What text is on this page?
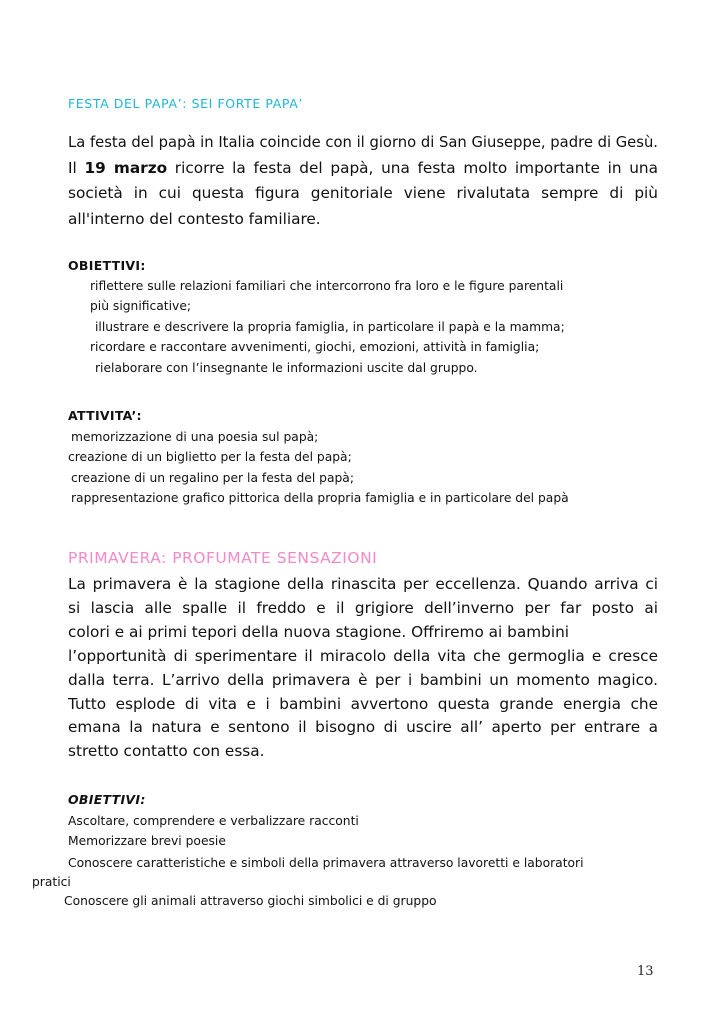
FESTA DEL PAPA’: SEI FORTE PAPA’
La festa del papà in Italia coincide con il giorno di San Giuseppe, padre di Gesù.
Il 19 marzo ricorre la festa del papà, una festa molto importante in una
società in cui questa figura genitoriale viene rivalutata sempre di più
all'interno del contesto familiare.
OBIETTIVI:
riflettere sulle relazioni familiari che intercorrono fra loro e le figure parentali
più significative;
illustrare e descrivere la propria famiglia, in particolare il papà e la mamma;
ricordare e raccontare avvenimenti, giochi, emozioni, attività in famiglia;
rielaborare con l’insegnante le informazioni uscite dal gruppo.
ATTIVITA’:
memorizzazione di una poesia sul papà;
creazione di un biglietto per la festa del papà;
creazione di un regalino per la festa del papà;
rappresentazione grafico pittorica della propria famiglia e in particolare del papà
PRIMAVERA: PROFUMATE SENSAZIONI
La primavera è la stagione della rinascita per eccellenza. Quando arriva ci
si lascia alle spalle il freddo e il grigiore dell’inverno per far posto ai
colori e ai primi tepori della nuova stagione. Offriremo ai bambini
l’opportunità di sperimentare il miracolo della vita che germoglia e cresce
dalla terra. L’arrivo della primavera è per i bambini un momento magico.
Tutto esplode di vita e i bambini avvertono questa grande energia che
emana la natura e sentono il bisogno di uscire all’ aperto per entrare a
stretto contatto con essa.
OBIETTIVI:
Ascoltare, comprendere e verbalizzare racconti
Memorizzare brevi poesie
Conoscere caratteristiche e simboli della primavera attraverso lavoretti e laboratori
pratici
Conoscere gli animali attraverso giochi simbolici e di gruppo
13
